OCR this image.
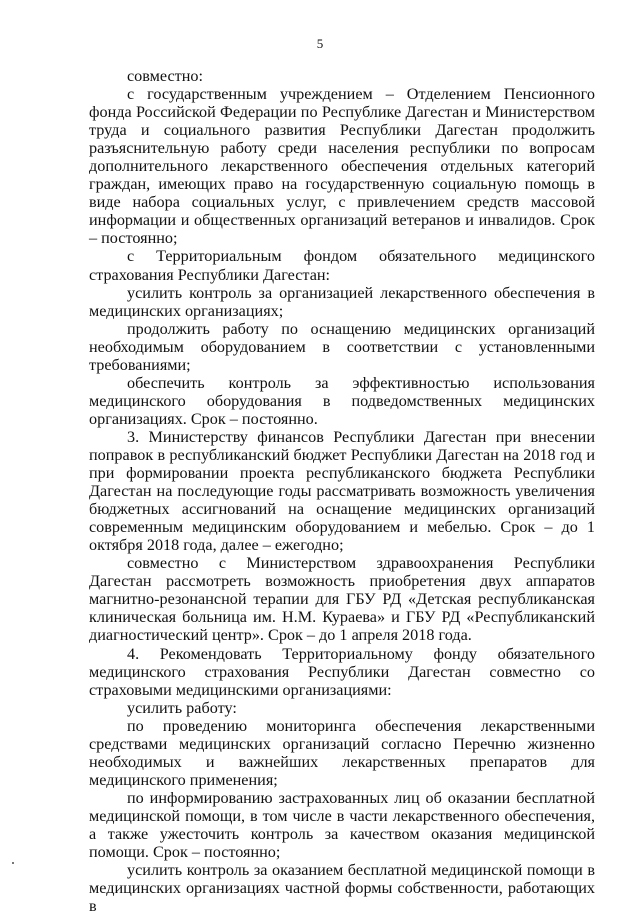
5

совместно:

с государственным учреждением – Отделением Пенсионного фонда Российской Федерации по Республике Дагестан и Министерством труда и социального развития Республики Дагестан продолжить разъяснительную работу среди населения республики по вопросам дополнительного лекарственного обеспечения отдельных категорий граждан, имеющих право на государственную социальную помощь в виде набора социальных услуг, с привлечением средств массовой информации и общественных организаций ветеранов и инвалидов. Срок – постоянно;

с Территориальным фондом обязательного медицинского страхования Республики Дагестан:

усилить контроль за организацией лекарственного обеспечения в медицинских организациях;

продолжить работу по оснащению медицинских организаций необходимым оборудованием в соответствии с установленными требованиями;

обеспечить контроль за эффективностью использования медицинского оборудования в подведомственных медицинских организациях. Срок – постоянно.

3. Министерству финансов Республики Дагестан при внесении поправок в республиканский бюджет Республики Дагестан на 2018 год и при формировании проекта республиканского бюджета Республики Дагестан на последующие годы рассматривать возможность увеличения бюджетных ассигнований на оснащение медицинских организаций современным медицинским оборудованием и мебелью. Срок – до 1 октября 2018 года, далее – ежегодно;

совместно с Министерством здравоохранения Республики Дагестан рассмотреть возможность приобретения двух аппаратов магнитно-резонансной терапии для ГБУ РД «Детская республиканская клиническая больница им. Н.М. Кураева» и ГБУ РД «Республиканский диагностический центр». Срок – до 1 апреля 2018 года.

4. Рекомендовать Территориальному фонду обязательного медицинского страхования Республики Дагестан совместно со страховыми медицинскими организациями:

усилить работу:

по проведению мониторинга обеспечения лекарственными средствами медицинских организаций согласно Перечню жизненно необходимых и важнейших лекарственных препаратов для медицинского применения;

по информированию застрахованных лиц об оказании бесплатной медицинской помощи, в том числе в части лекарственного обеспечения, а также ужесточить контроль за качеством оказания медицинской помощи. Срок – постоянно;

усилить контроль за оказанием бесплатной медицинской помощи в медицинских организациях частной формы собственности, работающих в
